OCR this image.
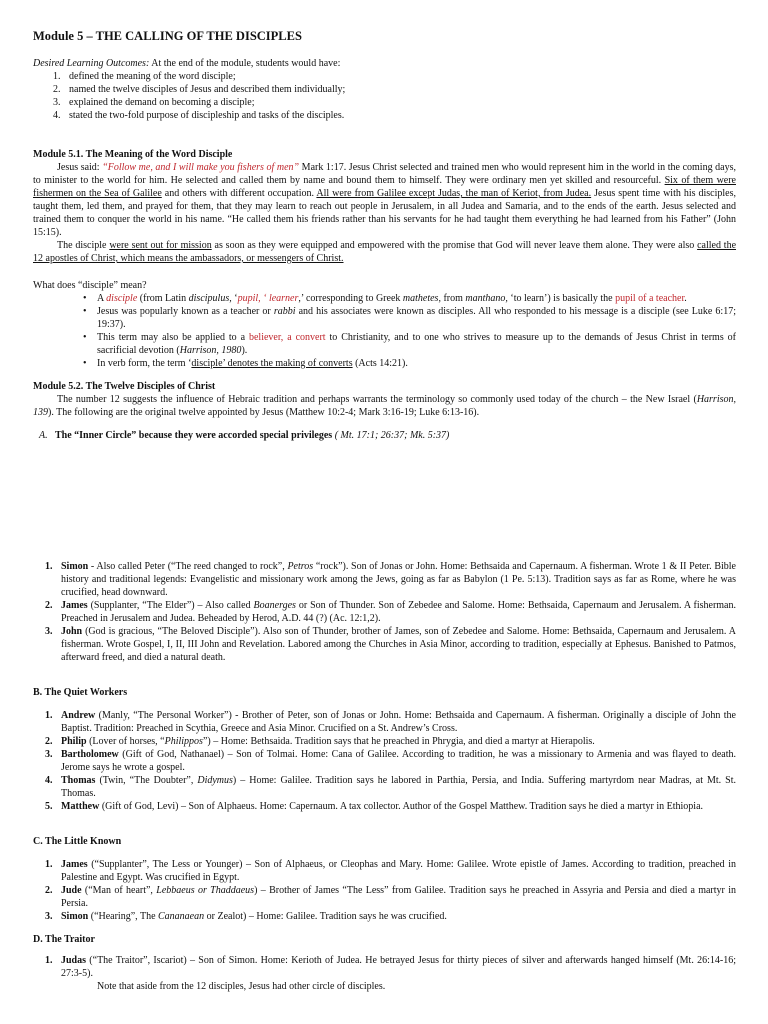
Module 5 – THE CALLING OF THE DISCIPLES

Desired Learning Outcomes: At the end of the module, students would have:

1. defined the meaning of the word disciple;
2. named the twelve disciples of Jesus and described them individually;
3. explained the demand on becoming a disciple;
4. stated the two-fold purpose of discipleship and tasks of the disciples.
Module 5.1. The Meaning of the Word Disciple

Jesus said: “Follow me, and I will make you fishers of men” Mark 1:17. Jesus Christ selected and trained men who would represent him in the world in the coming days, to minister to the world for him. He selected and called them by name and bound them to himself. They were ordinary men yet skilled and resourceful. Six of them were fishermen on the Sea of Galilee and others with different occupation. All were from Galilee except Judas, the man of Keriot, from Judea. Jesus spent time with his disciples, taught them, led them, and prayed for them, that they may learn to reach out people in Jerusalem, in all Judea and Samaria, and to the ends of the earth. Jesus selected and trained them to conquer the world in his name. “He called them his friends rather than his servants for he had taught them everything he had learned from his Father” (John 15:15).

The disciple were sent out for mission as soon as they were equipped and empowered with the promise that God will never leave them alone. They were also called the 12 apostles of Christ, which means the ambassadors, or messengers of Christ.

What does “disciple” mean?

• A disciple (from Latin discipulus, ‘pupil, ‘ learner,’ corresponding to Greek mathetes, from manthano, ‘to learn’) is basically the pupil of a teacher.
• Jesus was popularly known as a teacher or rabbi and his associates were known as disciples. All who responded to his message is a disciple (see Luke 6:17; 19:37).
• This term may also be applied to a believer, a convert to Christianity, and to one who strives to measure up to the demands of Jesus Christ in terms of sacrificial devotion (Harrison, 1980).
• In verb form, the term ‘disciple’ denotes the making of converts (Acts 14:21).
Module 5.2. The Twelve Disciples of Christ

The number 12 suggests the influence of Hebraic tradition and perhaps warrants the terminology so commonly used today of the church – the New Israel (Harrison, 139). The following are the original twelve appointed by Jesus (Matthew 10:2-4; Mark 3:16-19; Luke 6:13-16).

A. The “Inner Circle” because they were accorded special privileges ( Mt. 17:1; 26:37; Mk. 5:37)
1. Simon - Also called Peter (“The reed changed to rock”, Petros “rock”). Son of Jonas or John. Home: Bethsaida and Capernaum. A fisherman. Wrote 1 & II Peter. Bible history and traditional legends: Evangelistic and missionary work among the Jews, going as far as Babylon (1 Pe. 5:13). Tradition says as far as Rome, where he was crucified, head downward.
2. James (Supplanter, “The Elder”) – Also called Boanerges or Son of Thunder. Son of Zebedee and Salome. Home: Bethsaida, Capernaum and Jerusalem. A fisherman. Preached in Jerusalem and Judea. Beheaded by Herod, A.D. 44 (?) (Ac. 12:1,2).
3. John (God is gracious, “The Beloved Disciple”). Also son of Thunder, brother of James, son of Zebedee and Salome. Home: Bethsaida, Capernaum and Jerusalem. A fisherman. Wrote Gospel, I, II, III John and Revelation. Labored among the Churches in Asia Minor, according to tradition, especially at Ephesus. Banished to Patmos, afterward freed, and died a natural death.
B. The Quiet Workers
1. Andrew (Manly, “The Personal Worker”) - Brother of Peter, son of Jonas or John. Home: Bethsaida and Capernaum. A fisherman. Originally a disciple of John the Baptist. Tradition: Preached in Scythia, Greece and Asia Minor. Crucified on a St. Andrew’s Cross.
2. Philip (Lover of horses, “Philippos”) – Home: Bethsaida. Tradition says that he preached in Phrygia, and died a martyr at Hierapolis.
3. Bartholomew (Gift of God, Nathanael) – Son of Tolmai. Home: Cana of Galilee. According to tradition, he was a missionary to Armenia and was flayed to death. Jerome says he wrote a gospel.
4. Thomas (Twin, “The Doubter”, Didymus) – Home: Galilee. Tradition says he labored in Parthia, Persia, and India. Suffering martyrdom near Madras, at Mt. St. Thomas.
5. Matthew (Gift of God, Levi) – Son of Alphaeus. Home: Capernaum. A tax collector. Author of the Gospel Matthew. Tradition says he died a martyr in Ethiopia.
C. The Little Known
1. James (“Supplanter”, The Less or Younger) – Son of Alphaeus, or Cleophas and Mary. Home: Galilee. Wrote epistle of James. According to tradition, preached in Palestine and Egypt. Was crucified in Egypt.
2. Jude (“Man of heart”, Lebbaeus or Thaddaeus) – Brother of James “The Less” from Galilee. Tradition says he preached in Assyria and Persia and died a martyr in Persia.
3. Simon (“Hearing”, The Cananaean or Zealot) – Home: Galilee. Tradition says he was crucified.
D. The Traitor
1. Judas (“The Traitor”, Iscariot) – Son of Simon. Home: Kerioth of Judea. He betrayed Jesus for thirty pieces of silver and afterwards hanged himself (Mt. 26:14-16; 27:3-5).

Note that aside from the 12 disciples, Jesus had other circle of disciples.
